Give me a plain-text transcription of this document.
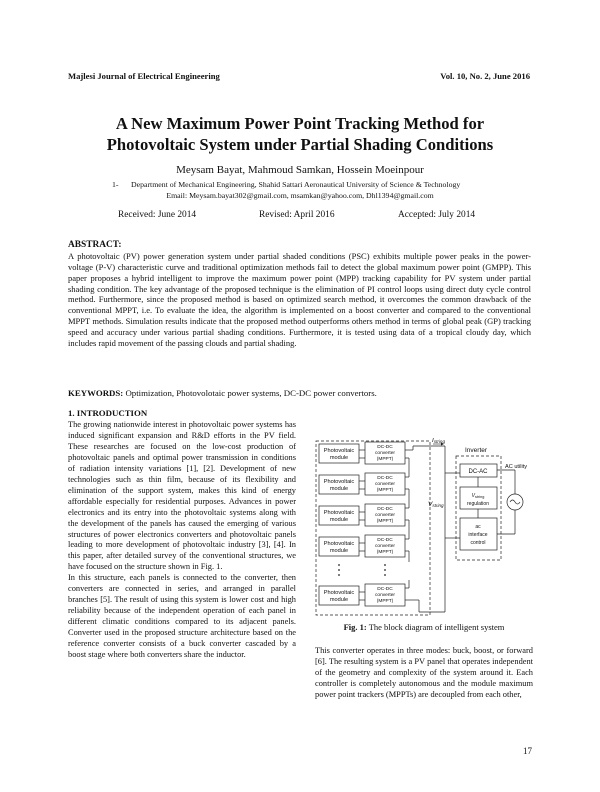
Majlesi Journal of Electrical Engineering	Vol. 10, No. 2, June 2016
A New Maximum Power Point Tracking Method for
Photovoltaic System under Partial Shading Conditions
Meysam Bayat, Mahmoud Samkan, Hossein Moeinpour
1- Department of Mechanical Engineering, Shahid Sattari Aeronautical University of Science & Technology
Email: Meysam.bayat302@gmail.com, msamkan@yahoo.com, Dhl1394@gmail.com
Received: June 2014	Revised: April 2016	Accepted: July 2014
ABSTRACT:

A photovoltaic (PV) power generation system under partial shaded conditions (PSC) exhibits multiple power peaks in the power-voltage (P-V) characteristic curve and traditional optimization methods fail to detect the global maximum power point (GMPP). This paper proposes a hybrid intelligent to improve the maximum power point (MPP) tracking capability for PV system under partial shading condition. The key advantage of the proposed technique is the elimination of PI control loops using direct duty cycle control method. Furthermore, since the proposed method is based on optimized search method, it overcomes the common drawback of the conventional MPPT, i.e. To evaluate the idea, the algorithm is implemented on a boost converter and compared to the conventional MPPT methods. Simulation results indicate that the proposed method outperforms others method in terms of global peak (GP) tracking speed and accuracy under various partial shading conditions. Furthermore, it is tested using data of a tropical cloudy day, which includes rapid movement of the passing clouds and partial shading.

KEYWORDS: Optimization, Photovolotaic power systems, DC-DC power convertors.
1. INTRODUCTION

The growing nationwide interest in photovoltaic power systems has induced significant expansion and R&D efforts in the PV field. These researches are focused on the low-cost production of photovoltaic panels and optimal power transmission in conditions of radiation intensity variations [1], [2]. Development of new technologies such as thin film, because of its flexibility and elimination of the support system, makes this kind of energy affordable especially for residential purposes. Advances in power electronics and its entry into the photovoltaic systems along with the development of the panels has caused the emerging of various structures of power electronics converters and photovoltaic panels leading to more development of photovoltaic industry [3], [4]. In this paper, after detailed survey of the conventional structures, we have focused on the structure shown in Fig. 1.

In this structure, each panels is connected to the converter, then converters are connected in series, and arranged in parallel branches [5]. The result of using this system is lower cost and high reliability because of the independent operation of each panel in different climatic conditions compared to its adjacent panels. Converter used in the proposed structure architecture based on the reference converter consists of a buck converter cascaded by a boost stage where both converters share the inductor.

Photovoltaic
module
DC-DC
converter
(MPPT)
Photovoltaic
module
DC-DC
converter
(MPPT)
Photovoltaic
module
DC-DC
converter
(MPPT)
Photovoltaic
module
DC-DC
converter
(MPPT)
Photovoltaic
module
DC-DC
converter
(MPPT)
Istring
Vstring
Inverter
DC-AC
$V_{string}$
regulation
ac
interface
control
AC utility
Fig. 1: The block diagram of intelligent system

This converter operates in three modes: buck, boost, or forward [6]. The resulting system is a PV panel that operates independent of the geometry and complexity of the system around it. Each controller is completely autonomous and the module maximum power point trackers (MPPTs) are decoupled from each other,

17
